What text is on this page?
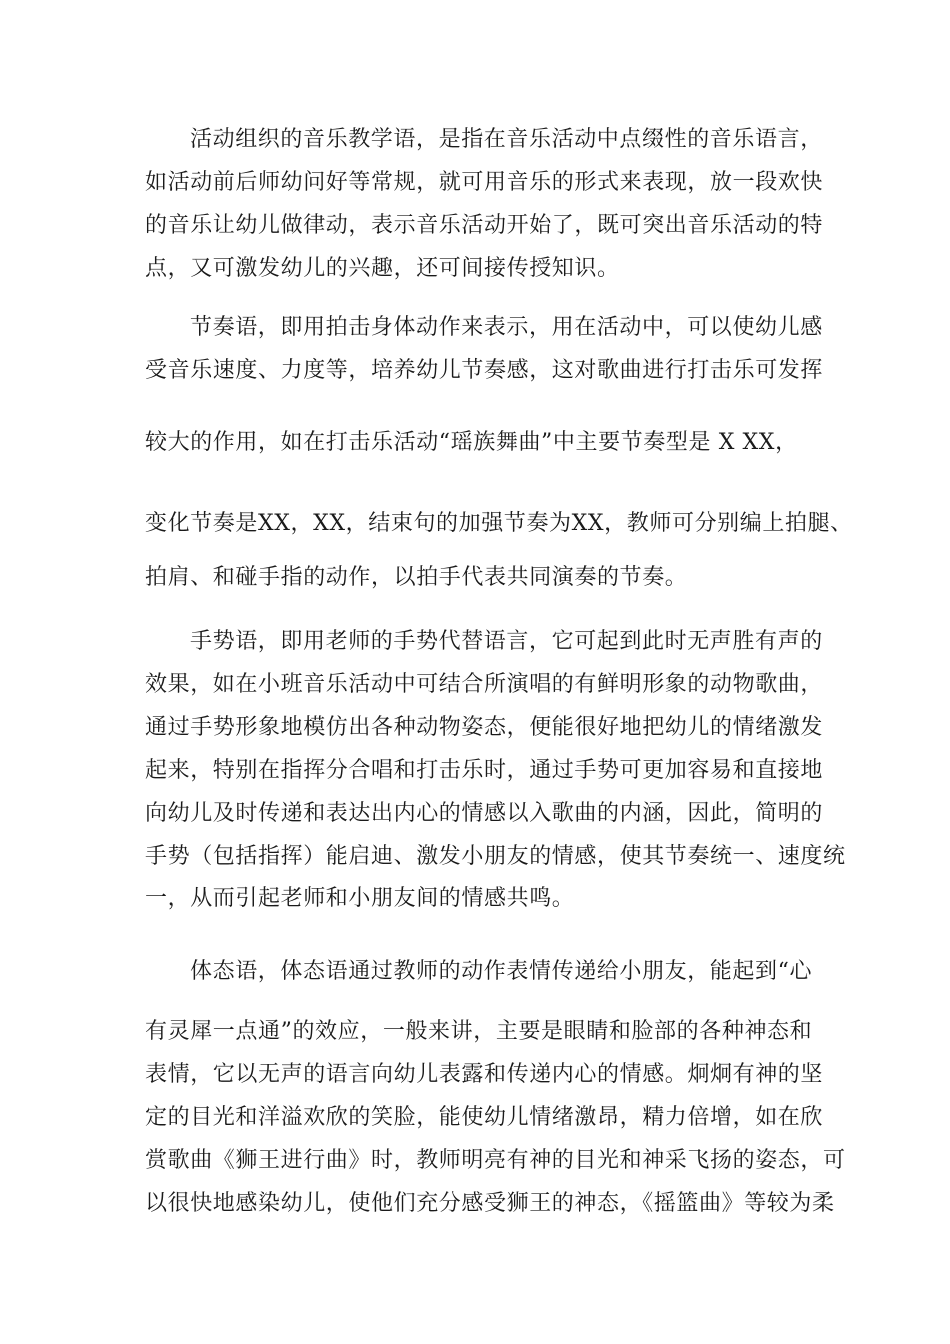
活动组织的音乐教学语，是指在音乐活动中点缀性的音乐语言，
如活动前后师幼问好等常规，就可用音乐的形式来表现，放一段欢快
的音乐让幼儿做律动，表示音乐活动开始了，既可突出音乐活动的特
点，又可激发幼儿的兴趣，还可间接传授知识。
节奏语，即用拍击身体动作来表示，用在活动中，可以使幼儿感
受音乐速度、力度等，培养幼儿节奏感，这对歌曲进行打击乐可发挥
较大的作用，如在打击乐活动“瑶族舞曲”中主要节奏型是 X XX，
变化节奏是XX，XX，结束句的加强节奏为XX，教师可分别编上拍腿、
拍肩、和碰手指的动作，以拍手代表共同演奏的节奏。
手势语，即用老师的手势代替语言，它可起到此时无声胜有声的
效果，如在小班音乐活动中可结合所演唱的有鲜明形象的动物歌曲，
通过手势形象地模仿出各种动物姿态，便能很好地把幼儿的情绪激发
起来，特别在指挥分合唱和打击乐时，通过手势可更加容易和直接地
向幼儿及时传递和表达出内心的情感以入歌曲的内涵，因此，简明的
手势（包括指挥）能启迪、激发小朋友的情感，使其节奏统一、速度统
一，从而引起老师和小朋友间的情感共鸣。
体态语，体态语通过教师的动作表情传递给小朋友，能起到“心
有灵犀一点通”的效应，一般来讲，主要是眼睛和脸部的各种神态和
表情，它以无声的语言向幼儿表露和传递内心的情感。炯炯有神的坚
定的目光和洋溢欢欣的笑脸，能使幼儿情绪激昂，精力倍增，如在欣
赏歌曲《狮王进行曲》时，教师明亮有神的目光和神采飞扬的姿态，可
以很快地感染幼儿，使他们充分感受狮王的神态，《摇篮曲》等较为柔
